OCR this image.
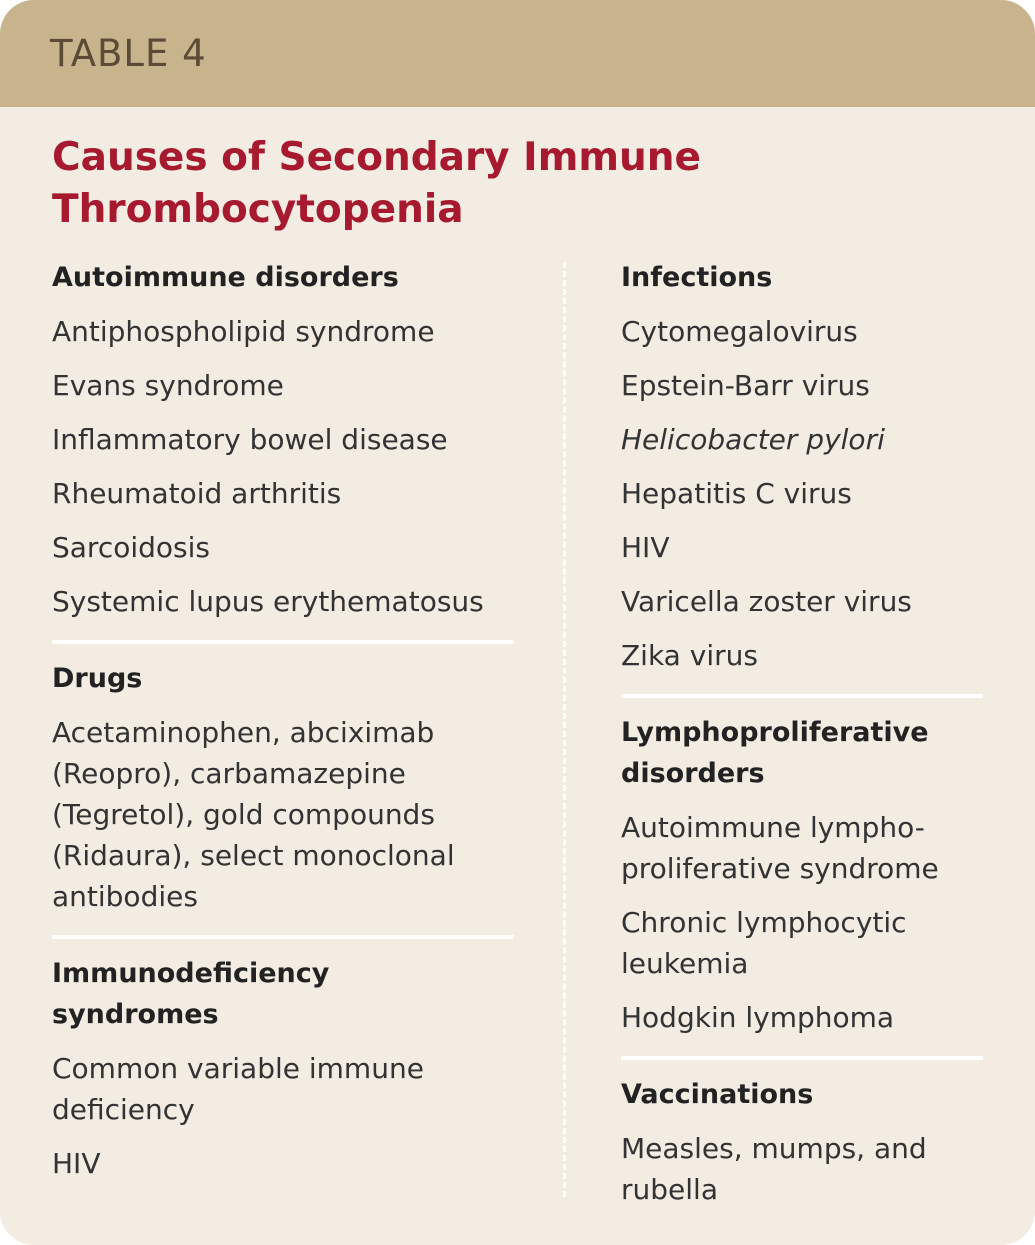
TABLE 4
Causes of Secondary Immune Thrombocytopenia
Autoimmune disorders
Antiphospholipid syndrome
Evans syndrome
Inflammatory bowel disease
Rheumatoid arthritis
Sarcoidosis
Systemic lupus erythematosus
Drugs
Acetaminophen, abciximab (Reopro), carbamazepine (Tegretol), gold compounds (Ridaura), select monoclonal antibodies
Immunodeficiency syndromes
Common variable immune deficiency
HIV
Infections
Cytomegalovirus
Epstein-Barr virus
Helicobacter pylori
Hepatitis C virus
HIV
Varicella zoster virus
Zika virus
Lymphoproliferative disorders
Autoimmune lympho-proliferative syndrome
Chronic lymphocytic leukemia
Hodgkin lymphoma
Vaccinations
Measles, mumps, and rubella
